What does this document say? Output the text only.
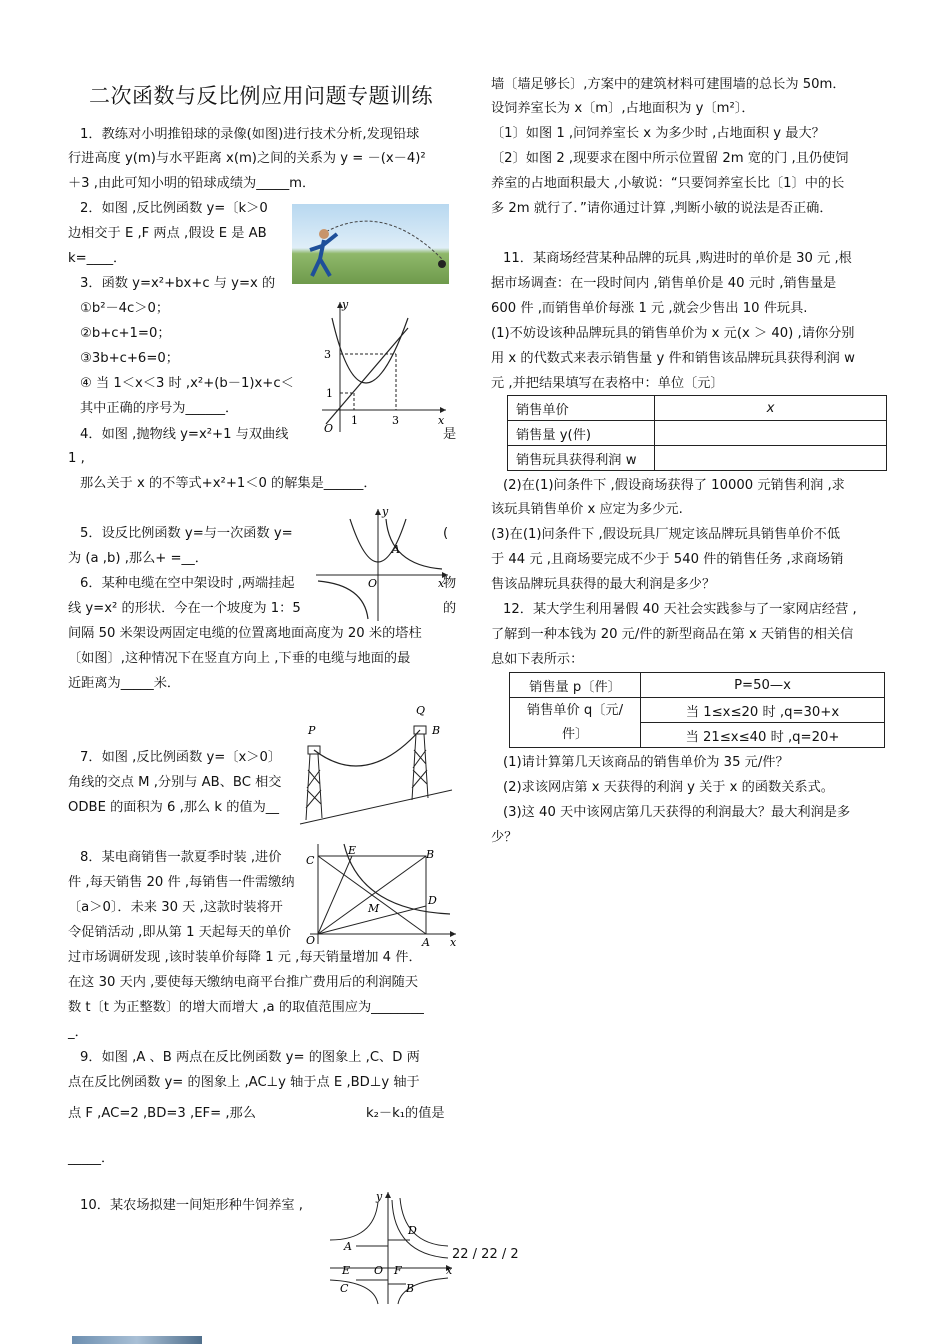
二次函数与反比例应用问题专题训练
1．教练对小明推铅球的录像(如图)进行技术分析,发现铅球
行进高度 y(m)与水平距离 x(m)之间的关系为 y = －(x－4)²
＋3 ,由此可知小明的铅球成绩为_____m．
2．如图 ,反比例函数 y=〔k＞0
边相交于 E ,F 两点 ,假设 E 是 AB
k=____．
3．函数 y=x²+bx+c 与 y=x 的
①b²－4c＞0；
②b+c+1=0；
③3b+c+6=0；
④ 当 1＜x＜3 时 ,x²+(b－1)x+c＜
其中正确的序号为______．
4．如图 ,抛物线 y=x²+1 与双曲线	是
1 ,
那么关于 x 的不等式+x²+1＜0 的解集是______．
5．设反比例函数 y=与一次函数 y=	(
为 (a ,b) ,那么+ =__．
6．某种电缆在空中架设时 ,两端挂起	物
线 y=x² 的形状．今在一个坡度为 1：5	的
间隔 50 米架设两固定电缆的位置离地面高度为 20 米的塔柱
〔如图〕,这种情况下在竖直方向上 ,下垂的电缆与地面的最
近距离为_____米．
7．如图 ,反比例函数 y=〔x＞0〕
角线的交点 M ,分别与 AB、BC 相交
ODBE 的面积为 6 ,那么 k 的值为__
8．某电商销售一款夏季时装 ,进价
件 ,每天销售 20 件 ,每销售一件需缴纳
〔a＞0〕．未来 30 天 ,这款时装将开
令促销活动 ,即从第 1 天起每天的单价
过市场调研发现 ,该时装单价每降 1 元 ,每天销量增加 4 件．
在这 30 天内 ,要使每天缴纳电商平台推广费用后的利润随天
数 t〔t 为正整数〕的增大而增大 ,a 的取值范围应为________
_．
9．如图 ,A 、B 两点在反比例函数 y= 的图象上 ,C、D 两
点在反比例函数 y= 的图象上 ,AC⊥y 轴于点 E ,BD⊥y 轴于
点 F ,AC=2 ,BD=3 ,EF= ,那么	k₂－k₁的值是
_____．
10．某农场拟建一间矩形种牛饲养室 ,
y
3
1
O
1	3	x
y
A
O	x
P
Q
B
C
E	B
M
D
O	A x
y
D
A
E O F	x
C	B
22 / 22 / 2
墙〔墙足够长〕,方案中的建筑材料可建围墙的总长为 50m．
设饲养室长为 x〔m〕,占地面积为 y〔m²〕．
〔1〕如图 1 ,问饲养室长 x 为多少时 ,占地面积 y 最大？
〔2〕如图 2 ,现要求在图中所示位置留 2m 宽的门 ,且仍使饲
养室的占地面积最大 ,小敏说：“只要饲养室长比〔1〕中的长
多 2m 就行了．”请你通过计算 ,判断小敏的说法是否正确．
11．某商场经营某种品牌的玩具 ,购进时的单价是 30 元 ,根
据市场调查：在一段时间内 ,销售单价是 40 元时 ,销售量是
600 件 ,而销售单价每涨 1 元 ,就会少售出 10 件玩具.
(1)不妨设该种品牌玩具的销售单价为 x 元(x ＞ 40) ,请你分别
用 x 的代数式来表示销售量 y 件和销售该品牌玩具获得利润 w
元 ,并把结果填写在表格中：单位〔元〕
销售单价	x
销售量 y(件)	
销售玩具获得利润 w	
(2)在(1)问条件下 ,假设商场获得了 10000 元销售利润 ,求
该玩具销售单价 x 应定为多少元.
(3)在(1)问条件下 ,假设玩具厂规定该品牌玩具销售单价不低
于 44 元 ,且商场要完成不少于 540 件的销售任务 ,求商场销
售该品牌玩具获得的最大利润是多少？
12．某大学生利用暑假 40 天社会实践参与了一家网店经营 ,
了解到一种本钱为 20 元/件的新型商品在第 x 天销售的相关信
息如下表所示：
销售量 p〔件〕	P=50—x

销售单价 q〔元/
件〕	当 1≤x≤20 时 ,q=30+x
	当 21≤x≤40 时 ,q=20+
(1)请计算第几天该商品的销售单价为 35 元/件？
(2)求该网店第 x 天获得的利润 y 关于 x 的函数关系式。
(3)这 40 天中该网店第几天获得的利润最大？最大利润是多
少？
